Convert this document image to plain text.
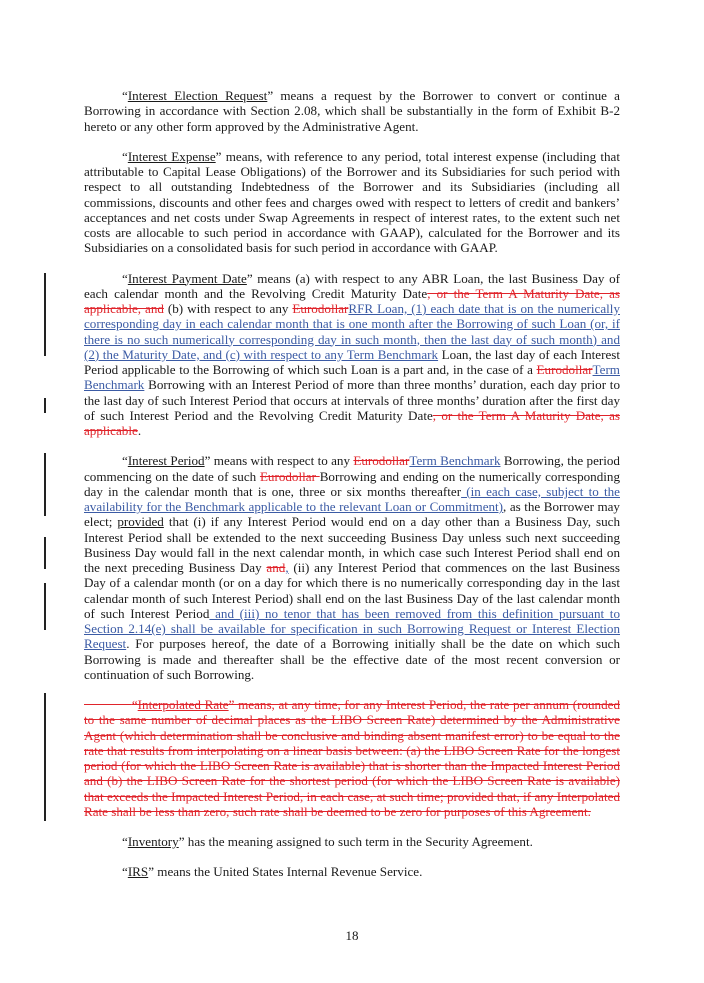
“Interest Election Request” means a request by the Borrower to convert or continue a Borrowing in accordance with Section 2.08, which shall be substantially in the form of Exhibit B-2 hereto or any other form approved by the Administrative Agent.

“Interest Expense” means, with reference to any period, total interest expense (including that attributable to Capital Lease Obligations) of the Borrower and its Subsidiaries for such period with respect to all outstanding Indebtedness of the Borrower and its Subsidiaries (including all commissions, discounts and other fees and charges owed with respect to letters of credit and bankers’ acceptances and net costs under Swap Agreements in respect of interest rates, to the extent such net costs are allocable to such period in accordance with GAAP), calculated for the Borrower and its Subsidiaries on a consolidated basis for such period in accordance with GAAP.

“Interest Payment Date” means (a) with respect to any ABR Loan, the last Business Day of each calendar month and the Revolving Credit Maturity Date, or the Term A Maturity Date, as applicable, and (b) with respect to any EurodollarRFR Loan, (1) each date that is on the numerically corresponding day in each calendar month that is one month after the Borrowing of such Loan (or, if there is no such numerically corresponding day in such month, then the last day of such month) and (2) the Maturity Date, and (c) with respect to any Term Benchmark Loan, the last day of each Interest Period applicable to the Borrowing of which such Loan is a part and, in the case of a EurodollarTerm Benchmark Borrowing with an Interest Period of more than three months’ duration, each day prior to the last day of such Interest Period that occurs at intervals of three months’ duration after the first day of such Interest Period and the Revolving Credit Maturity Date, or the Term A Maturity Date, as applicable.

“Interest Period” means with respect to any EurodollarTerm Benchmark Borrowing, the period commencing on the date of such Eurodollar Borrowing and ending on the numerically corresponding day in the calendar month that is one, three or six months thereafter (in each case, subject to the availability for the Benchmark applicable to the relevant Loan or Commitment), as the Borrower may elect; provided that (i) if any Interest Period would end on a day other than a Business Day, such Interest Period shall be extended to the next succeeding Business Day unless such next succeeding Business Day would fall in the next calendar month, in which case such Interest Period shall end on the next preceding Business Day and, (ii) any Interest Period that commences on the last Business Day of a calendar month (or on a day for which there is no numerically corresponding day in the last calendar month of such Interest Period) shall end on the last Business Day of the last calendar month of such Interest Period and (iii) no tenor that has been removed from this definition pursuant to Section 2.14(e) shall be available for specification in such Borrowing Request or Interest Election Request. For purposes hereof, the date of a Borrowing initially shall be the date on which such Borrowing is made and thereafter shall be the effective date of the most recent conversion or continuation of such Borrowing.

“Interpolated Rate” means, at any time, for any Interest Period, the rate per annum (rounded to the same number of decimal places as the LIBO Screen Rate) determined by the Administrative Agent (which determination shall be conclusive and binding absent manifest error) to be equal to the rate that results from interpolating on a linear basis between: (a) the LIBO Screen Rate for the longest period (for which the LIBO Screen Rate is available) that is shorter than the Impacted Interest Period and (b) the LIBO Screen Rate for the shortest period (for which the LIBO Screen Rate is available) that exceeds the Impacted Interest Period, in each case, at such time; provided that, if any Interpolated Rate shall be less than zero, such rate shall be deemed to be zero for purposes of this Agreement.

“Inventory” has the meaning assigned to such term in the Security Agreement.

“IRS” means the United States Internal Revenue Service.

18
